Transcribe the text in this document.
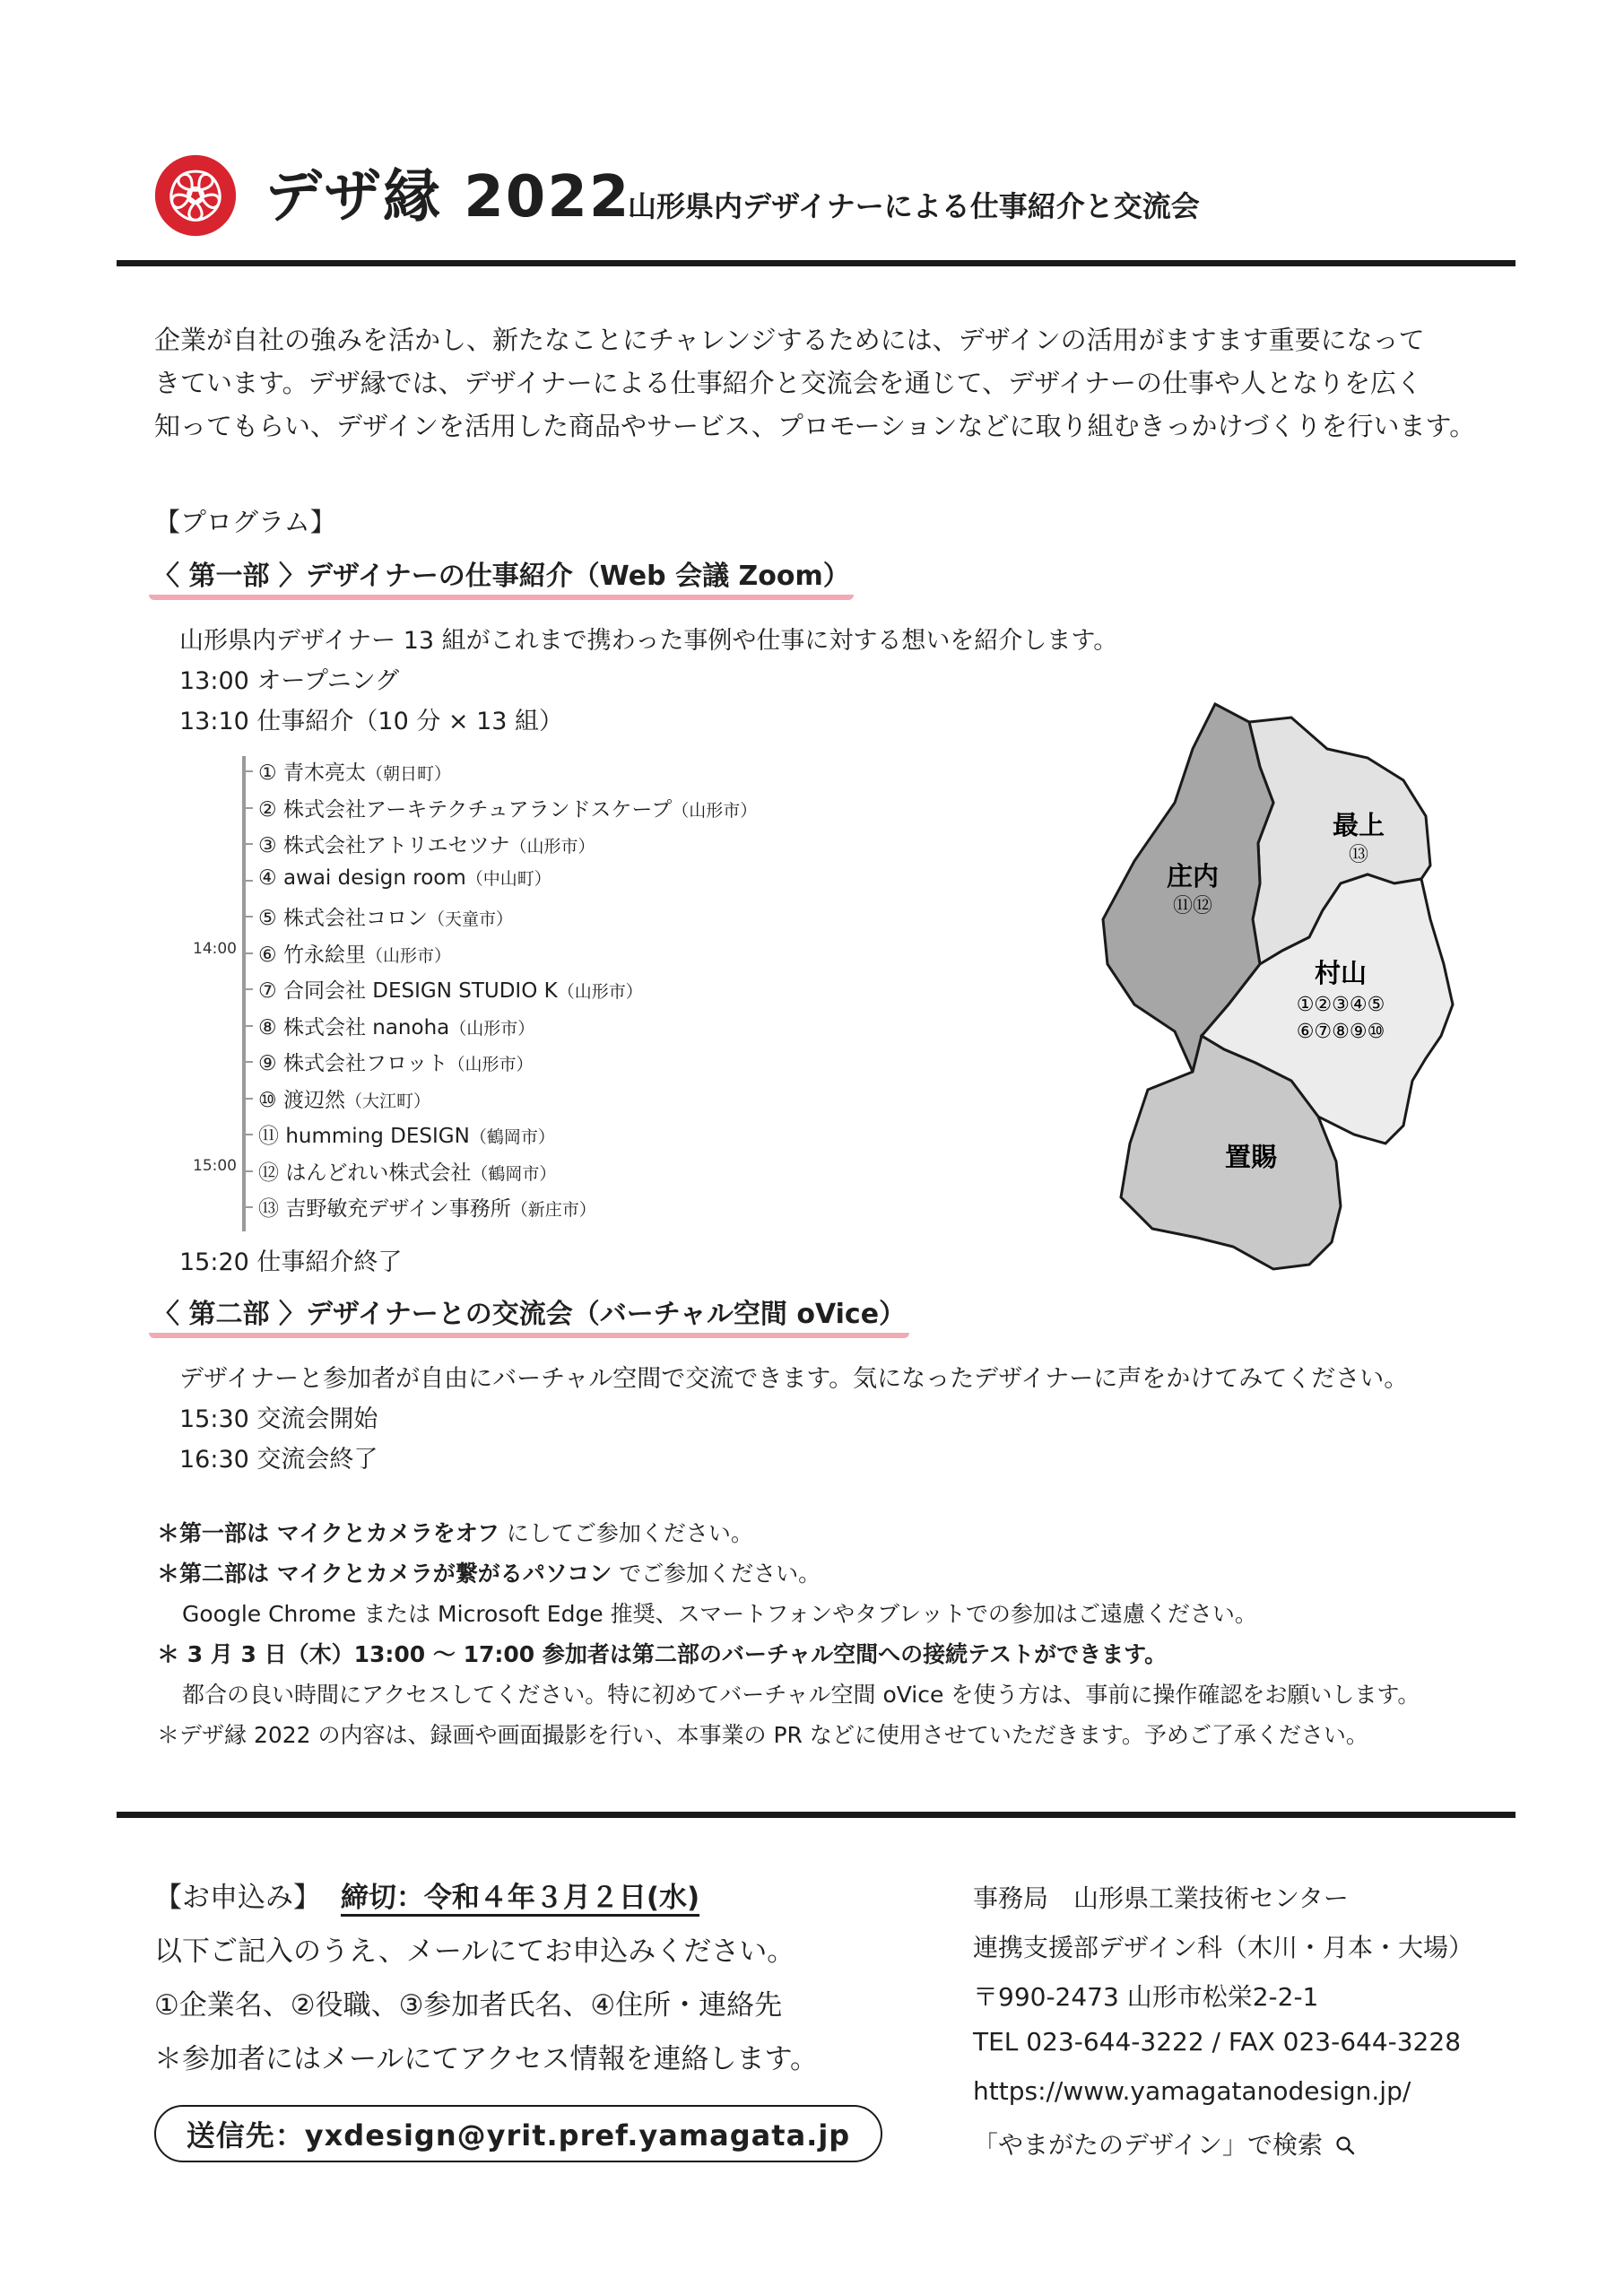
デザ縁 2022
山形県内デザイナーによる仕事紹介と交流会
企業が自社の強みを活かし、新たなことにチャレンジするためには、デザインの活用がますます重要になって
きています。デザ縁では、デザイナーによる仕事紹介と交流会を通じて、デザイナーの仕事や人となりを広く
知ってもらい、デザインを活用した商品やサービス、プロモーションなどに取り組むきっかけづくりを行います。
【プログラム】
〈 第一部 〉デザイナーの仕事紹介（Web 会議 Zoom）
山形県内デザイナー 13 組がこれまで携わった事例や仕事に対する想いを紹介します。
13:00 オープニング
13:10 仕事紹介（10 分 × 13 組）
① 青木亮太（朝日町）
② 株式会社アーキテクチュアランドスケープ（山形市）
③ 株式会社アトリエセツナ（山形市）
④ awai design room（中山町）
⑤ 株式会社コロン（天童市）
⑥ 竹永絵里（山形市）
⑦ 合同会社 DESIGN STUDIO K（山形市）
⑧ 株式会社 nanoha（山形市）
⑨ 株式会社フロット（山形市）
⑩ 渡辺然（大江町）
⑪ humming DESIGN（鶴岡市）
⑫ はんどれい株式会社（鶴岡市）
⑬ 吉野敏充デザイン事務所（新庄市）
14:00
15:00
15:20 仕事紹介終了
〈 第二部 〉デザイナーとの交流会（バーチャル空間 oVice）
デザイナーと参加者が自由にバーチャル空間で交流できます。気になったデザイナーに声をかけてみてください。
15:30 交流会開始
16:30 交流会終了
最上
⑬
庄内
⑪⑫
村山
①②③④⑤
⑥⑦⑧⑨⑩
置賜
＊第一部は マイクとカメラをオフ にしてご参加ください。
＊第二部は マイクとカメラが繋がるパソコン でご参加ください。
Google Chrome または Microsoft Edge 推奨、スマートフォンやタブレットでの参加はご遠慮ください。
＊ 3 月 3 日（木）13:00 〜 17:00 参加者は第二部のバーチャル空間への接続テストができます。
都合の良い時間にアクセスしてください。特に初めてバーチャル空間 oVice を使う方は、事前に操作確認をお願いします。
＊デザ縁 2022 の内容は、録画や画面撮影を行い、本事業の PR などに使用させていただきます。予めご了承ください。
【お申込み】 締切：令和４年３月２日(水)
以下ご記入のうえ、メールにてお申込みください。
①企業名、②役職、③参加者氏名、④住所・連絡先
＊参加者にはメールにてアクセス情報を連絡します。
送信先：yxdesign@yrit.pref.yamagata.jp
事務局　山形県工業技術センター
連携支援部デザイン科（木川・月本・大場）
〒990-2473 山形市松栄2-2-1
TEL 023-644-3222 / FAX 023-644-3228
https://www.yamagatanodesign.jp/
「やまがたのデザイン」で検索
